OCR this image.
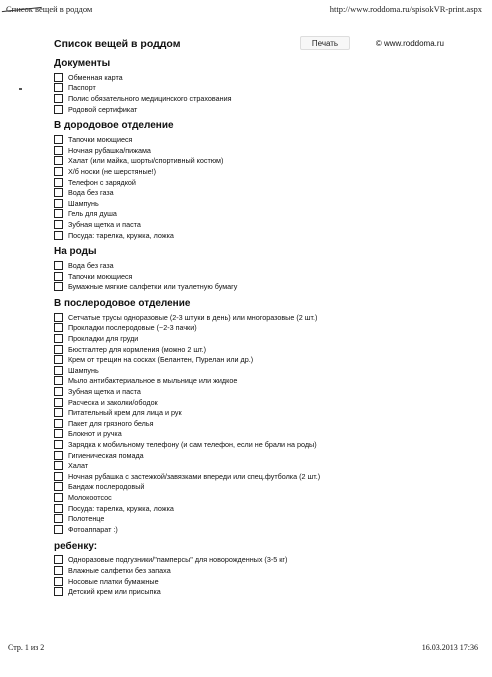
Список вещей в роддом	http://www.roddoma.ru/spisokVR-print.aspx
Список вещей в роддом	Печать	© www.roddoma.ru
Документы
Обменная карта
Паспорт
Полис обязательного медицинского страхования
Родовой сертификат
В дородовое отделение
Тапочки моющиеся
Ночная рубашка/пижама
Халат (или майка, шорты/спортивный костюм)
Х/б носки (не шерстяные!)
Телефон с зарядкой
Вода без газа
Шампунь
Гель для душа
Зубная щетка и паста
Посуда: тарелка, кружка, ложка
На роды
Вода без газа
Тапочки моющиеся
Бумажные мягкие салфетки или туалетную бумагу
В послеродовое отделение
Сетчатые трусы одноразовые (2-3 штуки в день) или многоразовые (2 шт.)
Прокладки послеродовые (~2-3 пачки)
Прокладки для груди
Бюстгалтер для кормления (можно 2 шт.)
Крем от трещин на сосках (Белантен, Пурелан или др.)
Шампунь
Мыло антибактериальное в мыльнице или жидкое
Зубная щетка и паста
Расческа и заколки/ободок
Питательный крем для лица и рук
Пакет для грязного белья
Блокнот и ручка
Зарядка к мобильному телефону (и сам телефон, если не брали на роды)
Гигиеническая помада
Халат
Ночная рубашка с застежкой/завязками впереди или спец.футболка (2 шт.)
Бандаж послеродовый
Молокоотсос
Посуда: тарелка, кружка, ложка
Полотенце
Фотоаппарат :)
ребенку:
Одноразовые подгузники/"памперсы" для новорожденных (3-5 кг)
Влажные салфетки без запаха
Носовые платки бумажные
Детский крем или присыпка
Стр. 1 из 2	16.03.2013 17:36
